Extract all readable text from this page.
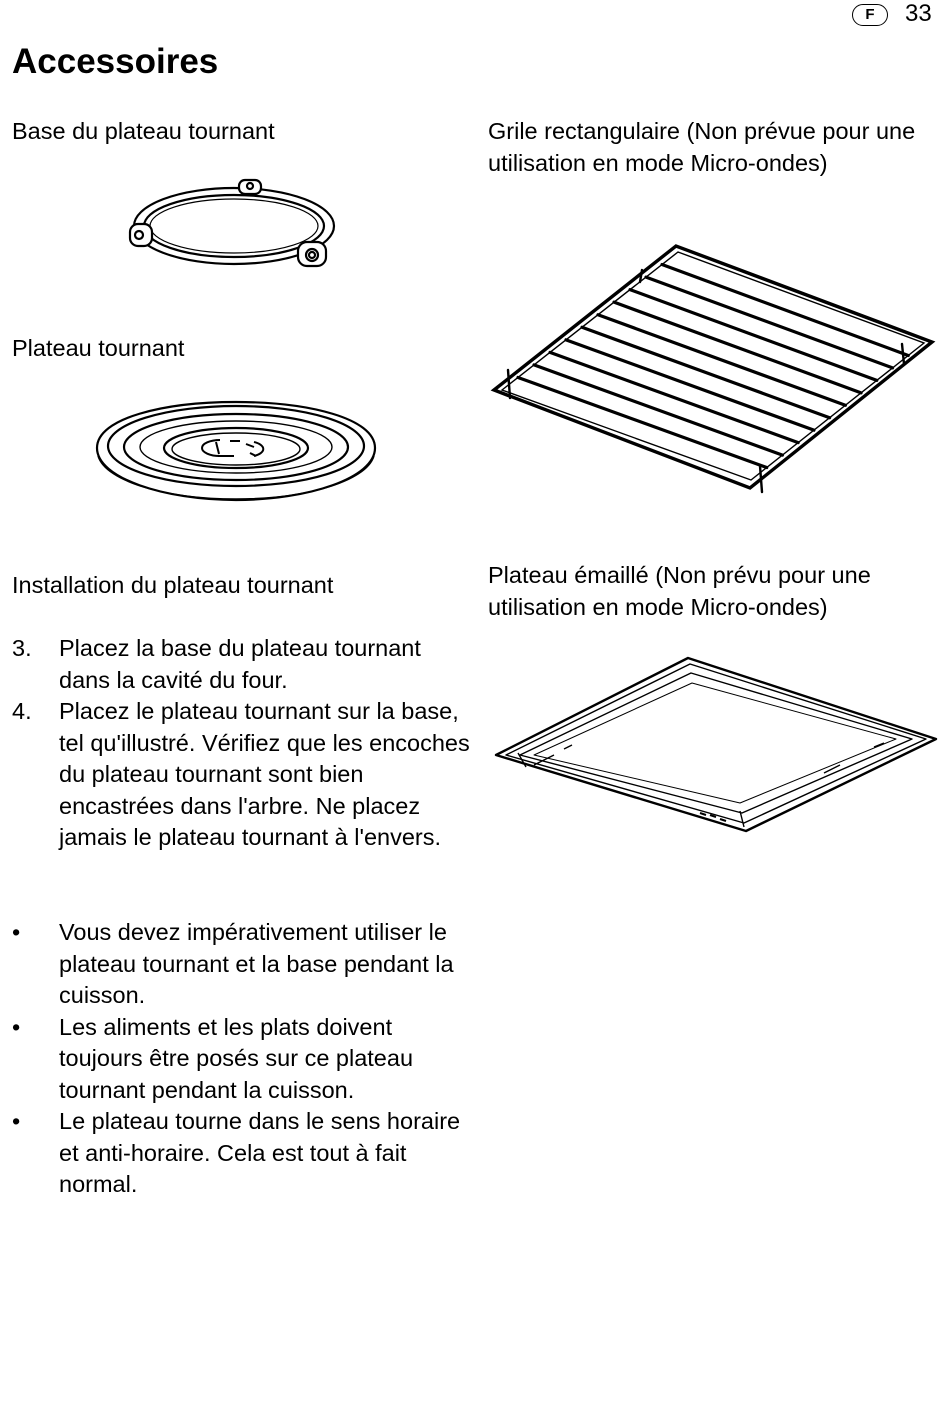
F	33
Accessoires

Base du plateau tournant	Grile rectangulaire (Non prévue pour une utilisation en mode Micro-ondes)

Plateau tournant

Installation du plateau tournant	Plateau émaillé (Non prévu pour une utilisation en mode Micro-ondes)

3. Placez la base du plateau tournant dans la cavité du four.
4. Placez le plateau tournant sur la base, tel qu'illustré. Vérifiez que les encoches du plateau tournant sont bien encastrées dans l'arbre. Ne placez jamais le plateau tournant à l'envers.
• Vous devez impérativement utiliser le plateau tournant et la base pendant la cuisson.
• Les aliments et les plats doivent toujours être posés sur ce plateau tournant pendant la cuisson.
• Le plateau tourne dans le sens horaire et anti-horaire. Cela est tout à fait normal.
